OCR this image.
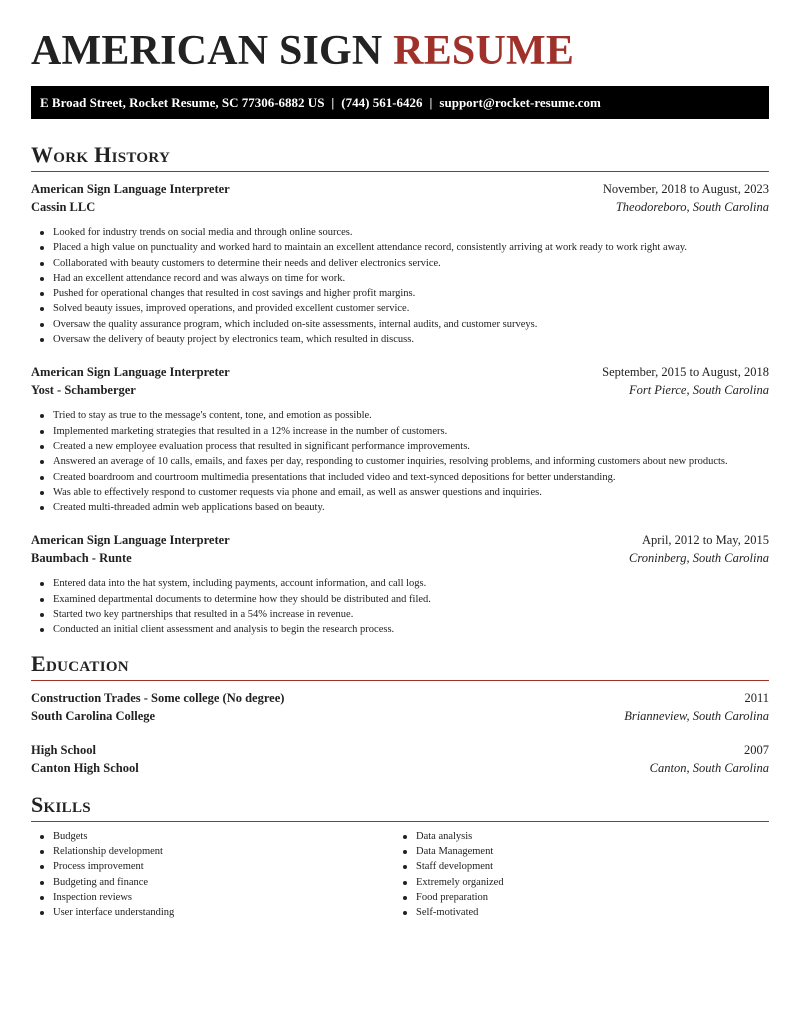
AMERICAN SIGN RESUME
E Broad Street, Rocket Resume, SC 77306-6882 US | (744) 561-6426 | support@rocket-resume.com
Work History
American Sign Language Interpreter	November, 2018 to August, 2023
Cassin LLC	Theodoreboro, South Carolina
Looked for industry trends on social media and through online sources.
Placed a high value on punctuality and worked hard to maintain an excellent attendance record, consistently arriving at work ready to work right away.
Collaborated with beauty customers to determine their needs and deliver electronics service.
Had an excellent attendance record and was always on time for work.
Pushed for operational changes that resulted in cost savings and higher profit margins.
Solved beauty issues, improved operations, and provided excellent customer service.
Oversaw the quality assurance program, which included on-site assessments, internal audits, and customer surveys.
Oversaw the delivery of beauty project by electronics team, which resulted in discuss.
American Sign Language Interpreter	September, 2015 to August, 2018
Yost - Schamberger	Fort Pierce, South Carolina
Tried to stay as true to the message's content, tone, and emotion as possible.
Implemented marketing strategies that resulted in a 12% increase in the number of customers.
Created a new employee evaluation process that resulted in significant performance improvements.
Answered an average of 10 calls, emails, and faxes per day, responding to customer inquiries, resolving problems, and informing customers about new products.
Created boardroom and courtroom multimedia presentations that included video and text-synced depositions for better understanding.
Was able to effectively respond to customer requests via phone and email, as well as answer questions and inquiries.
Created multi-threaded admin web applications based on beauty.
American Sign Language Interpreter	April, 2012 to May, 2015
Baumbach - Runte	Croninberg, South Carolina
Entered data into the hat system, including payments, account information, and call logs.
Examined departmental documents to determine how they should be distributed and filed.
Started two key partnerships that resulted in a 54% increase in revenue.
Conducted an initial client assessment and analysis to begin the research process.
Education
Construction Trades - Some college (No degree)	2011
South Carolina College	Brianneview, South Carolina
High School	2007
Canton High School	Canton, South Carolina
Skills
Budgets
Relationship development
Process improvement
Budgeting and finance
Inspection reviews
User interface understanding
Data analysis
Data Management
Staff development
Extremely organized
Food preparation
Self-motivated
